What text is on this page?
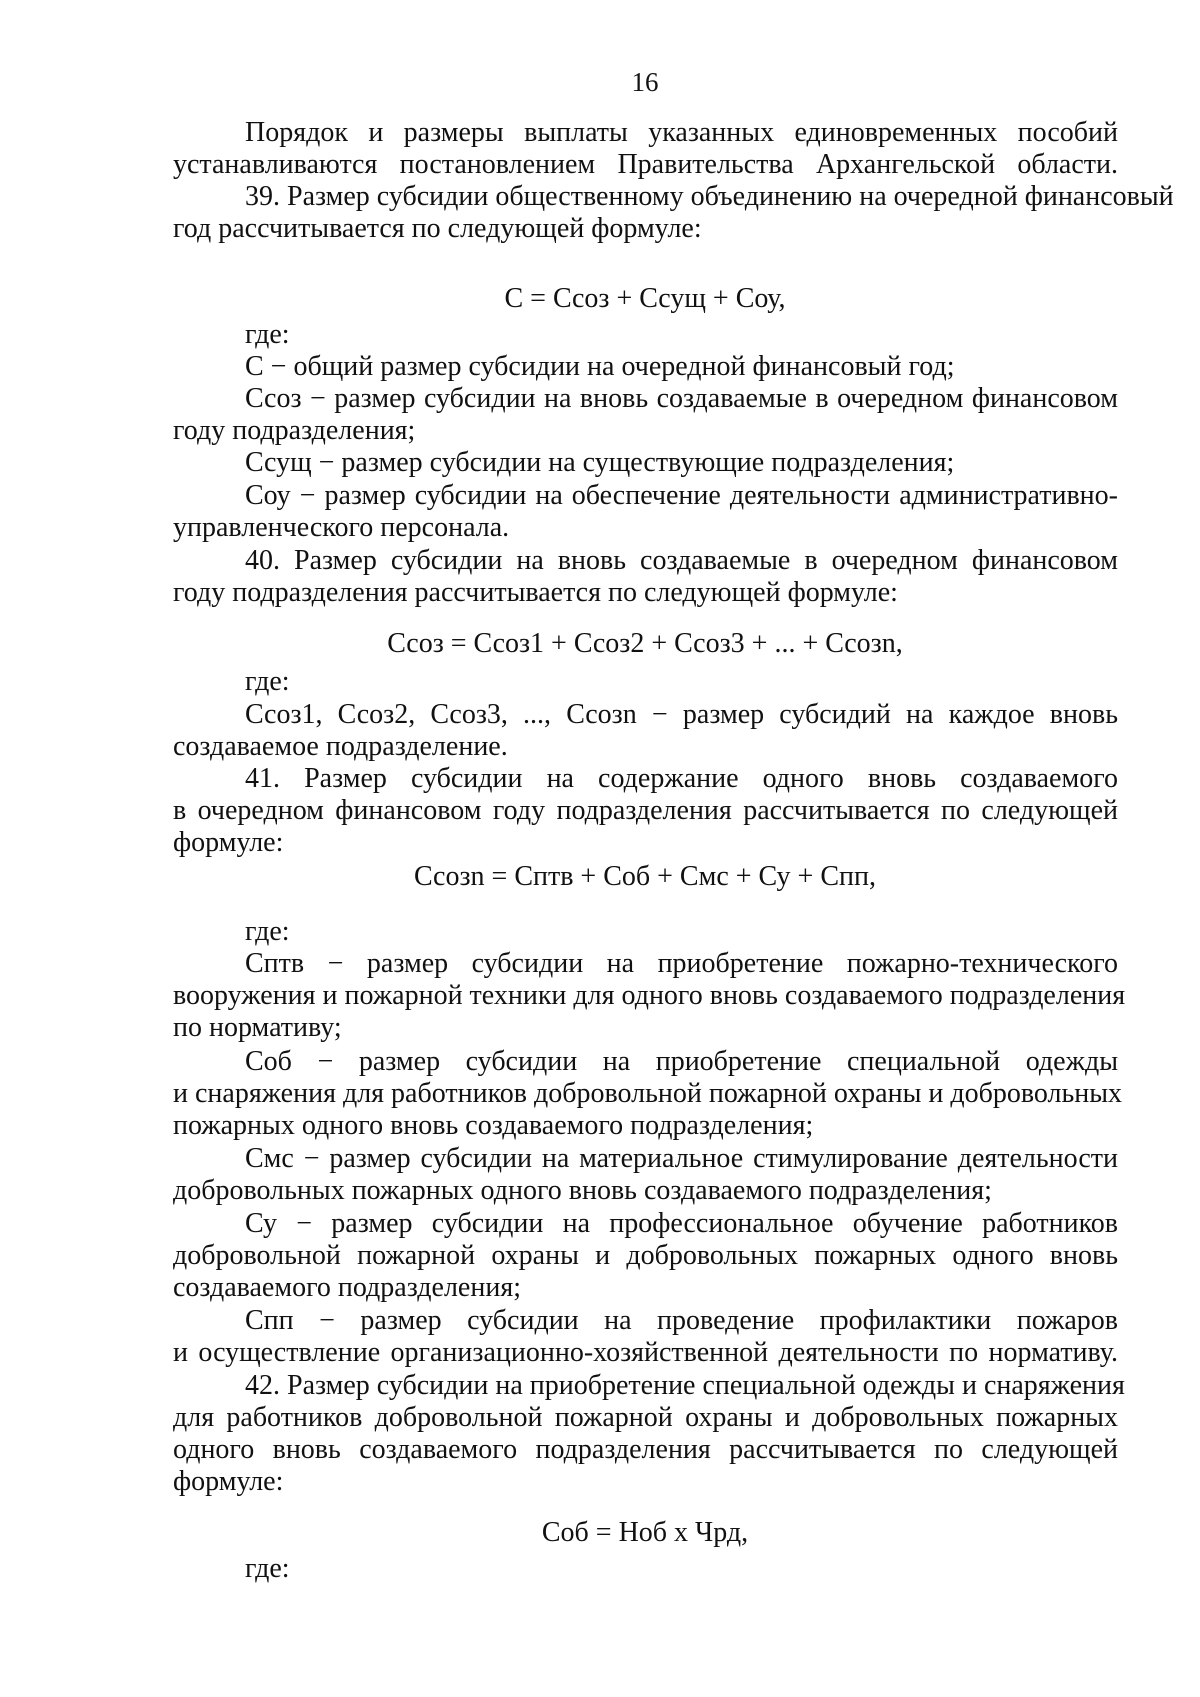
16
Порядок и размеры выплаты указанных единовременных пособий
устанавливаются постановлением Правительства Архангельской области.
39. Размер субсидии общественному объединению на очередной финансовый
год рассчитывается по следующей формуле:
С = Ссоз + Ссущ + Соу,
где:
С − общий размер субсидии на очередной финансовый год;
Ссоз − размер субсидии на вновь создаваемые в очередном финансовом
году подразделения;
Ссущ − размер субсидии на существующие подразделения;
Соу − размер субсидии на обеспечение деятельности административно-
управленческого персонала.
40. Размер субсидии на вновь создаваемые в очередном финансовом
году подразделения рассчитывается по следующей формуле:
Ссоз = Ссоз1 + Ссоз2 + Ссоз3 + ... + Ссозn,
где:
Ссоз1, Ссоз2, Ссоз3, ..., Ссозn − размер субсидий на каждое вновь
создаваемое подразделение.
41. Размер субсидии на содержание одного вновь создаваемого
в очередном финансовом году подразделения рассчитывается по следующей
формуле:
Ссозn = Сптв + Соб + Смс + Су + Спп,
где:
Сптв − размер субсидии на приобретение пожарно-технического
вооружения и пожарной техники для одного вновь создаваемого подразделения
по нормативу;
Соб − размер субсидии на приобретение специальной одежды
и снаряжения для работников добровольной пожарной охраны и добровольных
пожарных одного вновь создаваемого подразделения;
Смс − размер субсидии на материальное стимулирование деятельности
добровольных пожарных одного вновь создаваемого подразделения;
Су − размер субсидии на профессиональное обучение работников
добровольной пожарной охраны и добровольных пожарных одного вновь
создаваемого подразделения;
Спп − размер субсидии на проведение профилактики пожаров
и осуществление организационно-хозяйственной деятельности по нормативу.
42. Размер субсидии на приобретение специальной одежды и снаряжения
для работников добровольной пожарной охраны и добровольных пожарных
одного вновь создаваемого подразделения рассчитывается по следующей
формуле:
Соб = Ноб х Чрд,
где:
